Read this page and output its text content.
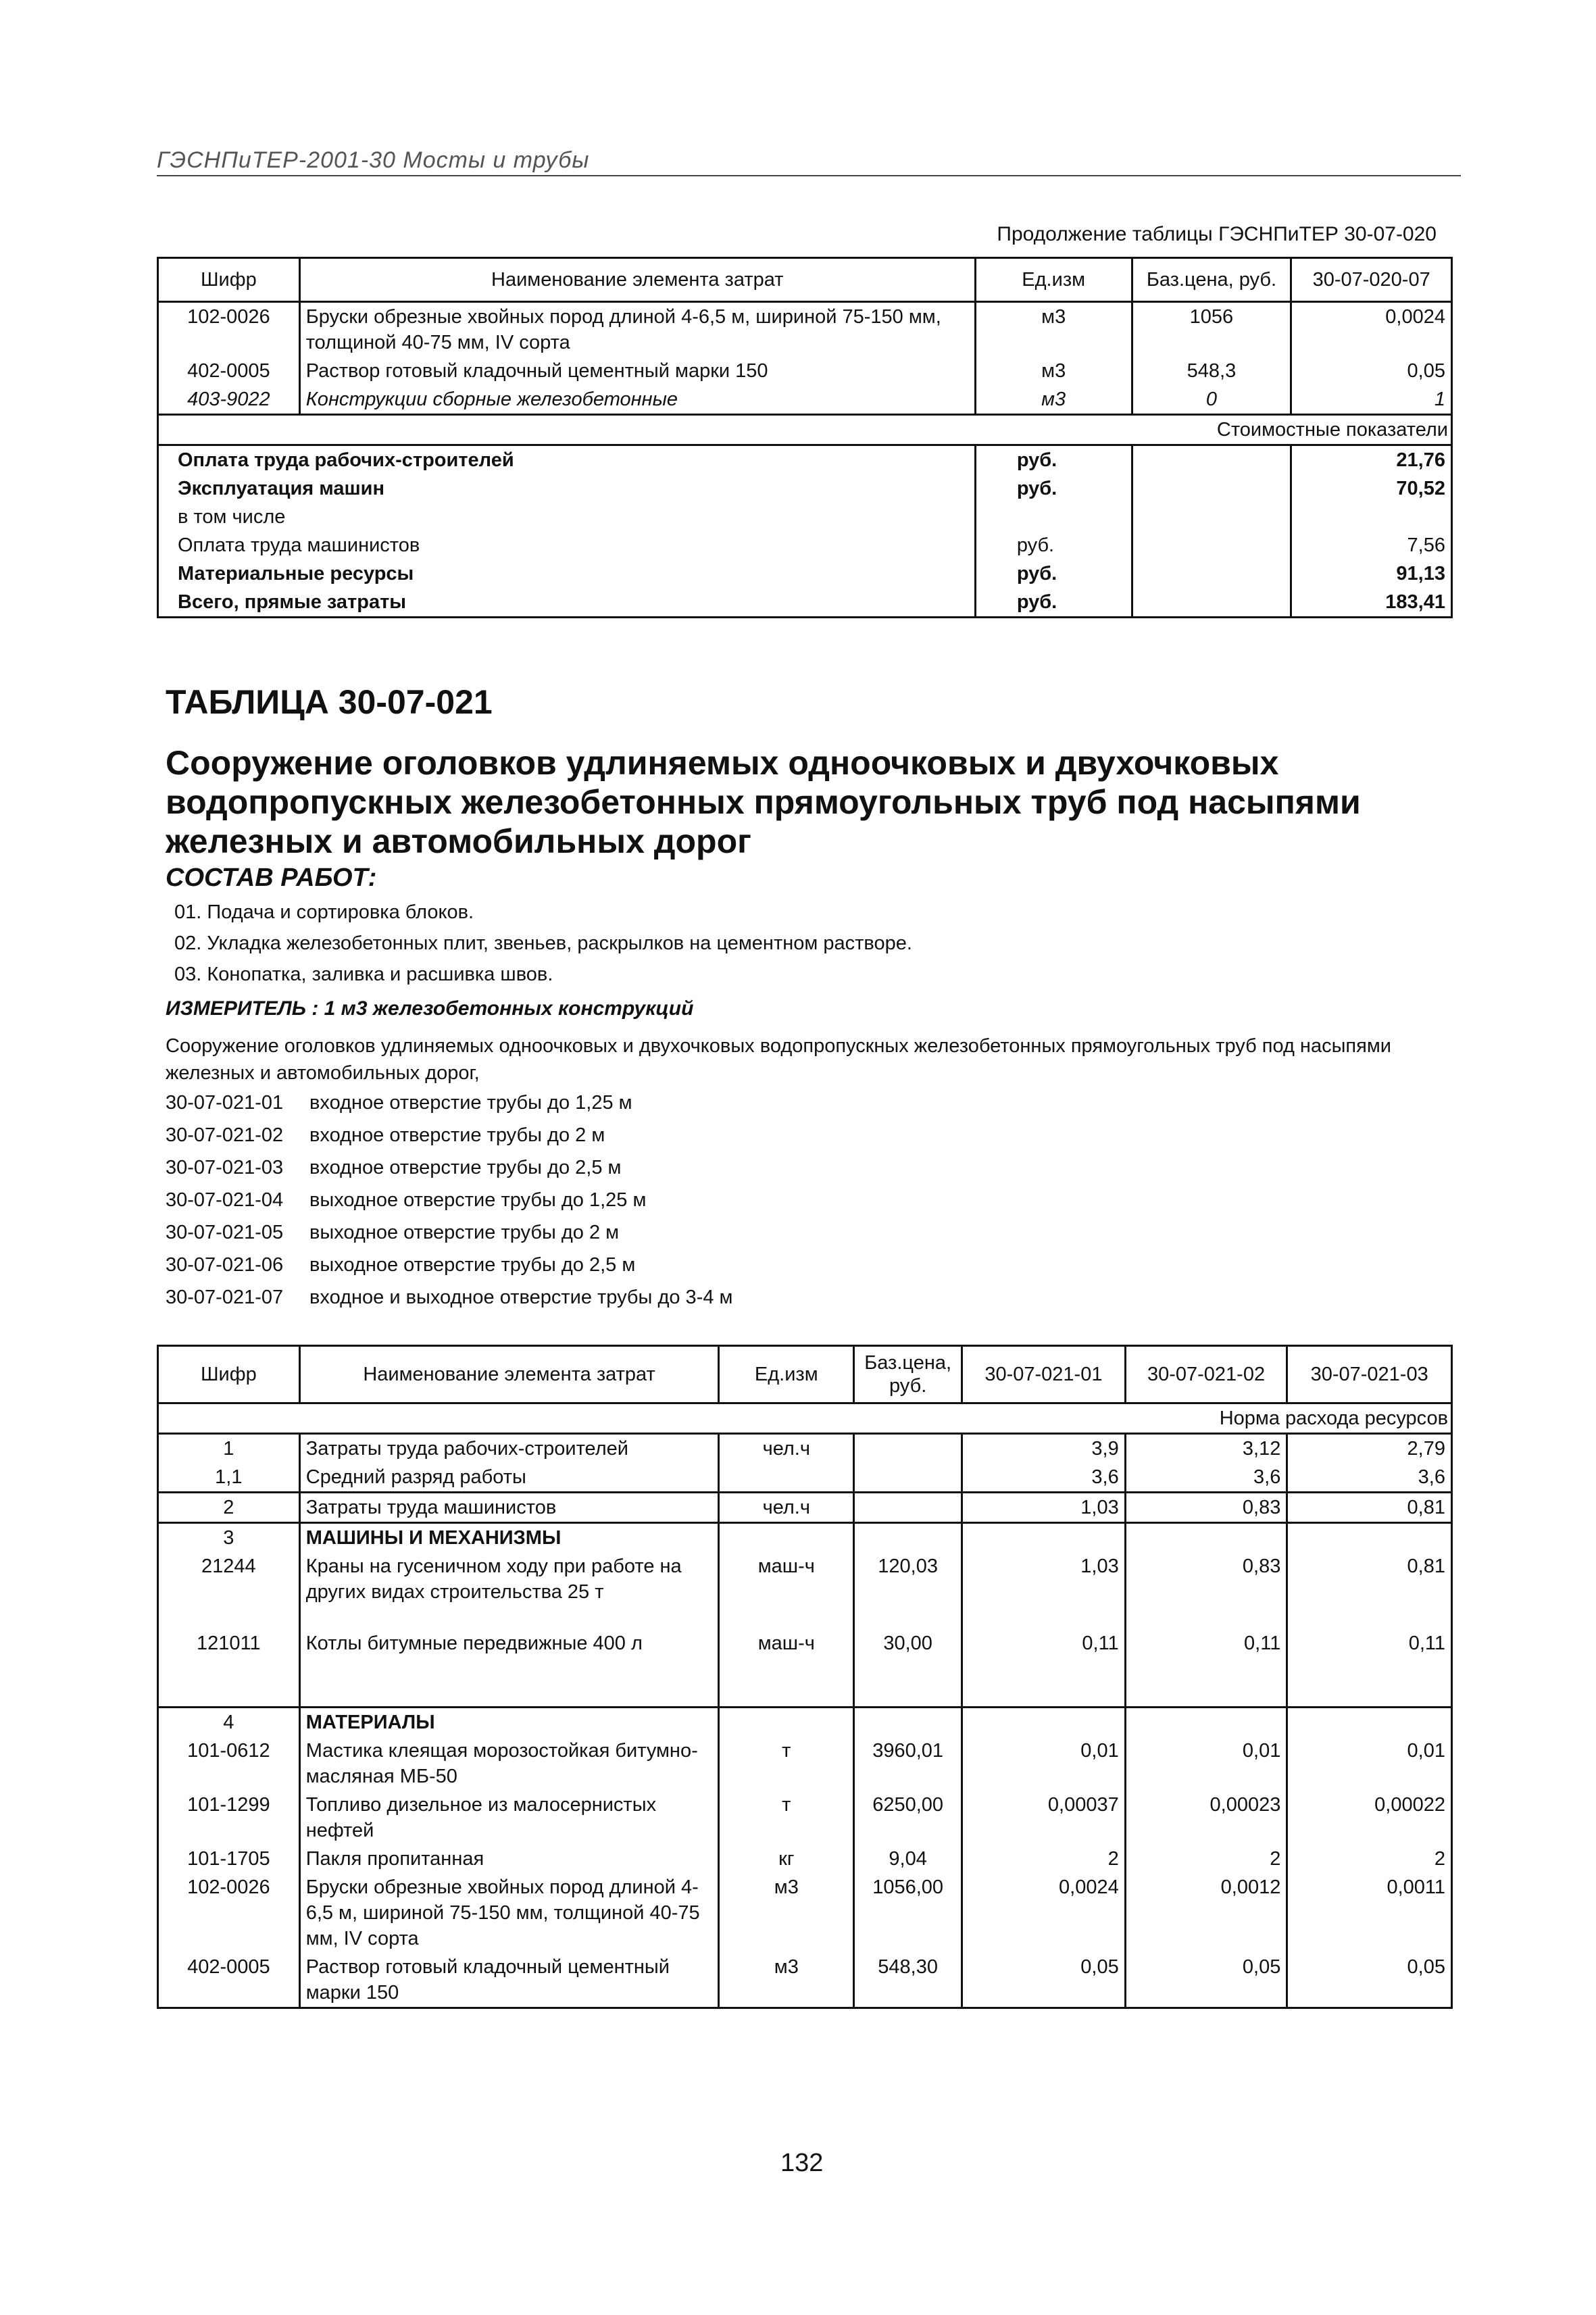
ГЭСНПиТЕР-2001-30 Мосты и трубы
Продолжение таблицы ГЭСНПиТЕР 30-07-020
Шифр	Наименование элемента затрат	Ед.изм	Баз.цена, руб.	30-07-020-07
102-0026	Бруски обрезные хвойных пород длиной 4-6,5 м, шириной 75-150 мм, толщиной 40-75 мм, IV сорта	м3	1056	0,0024
402-0005	Раствор готовый кладочный цементный марки 150	м3	548,3	0,05
403-9022	Конструкции сборные железобетонные	м3	0	1
Стоимостные показатели				
Оплата труда рабочих-строителей		руб.		21,76
Эксплуатация машин		руб.		70,52
в том числе				
Оплата труда машинистов		руб.		7,56
Материальные ресурсы		руб.		91,13
Всего, прямые затраты		руб.		183,41
ТАБЛИЦА 30-07-021
Сооружение оголовков удлиняемых одноочковых и двухочковых водопропускных железобетонных прямоугольных труб под насыпями железных и автомобильных дорог
СОСТАВ РАБОТ:
01. Подача и сортировка блоков.
02. Укладка железобетонных плит, звеньев, раскрылков на цементном растворе.
03. Конопатка, заливка и расшивка швов.
ИЗМЕРИТЕЛЬ : 1 м3 железобетонных конструкций
Сооружение оголовков удлиняемых одноочковых и двухочковых водопропускных железобетонных прямоугольных труб под насыпями железных и автомобильных дорог,
30-07-021-01 входное отверстие трубы до 1,25 м
30-07-021-02 входное отверстие трубы до 2 м
30-07-021-03 входное отверстие трубы до 2,5 м
30-07-021-04 выходное отверстие трубы до 1,25 м
30-07-021-05 выходное отверстие трубы до 2 м
30-07-021-06 выходное отверстие трубы до 2,5 м
30-07-021-07 входное и выходное отверстие трубы до 3-4 м
Шифр	Наименование элемента затрат	Ед.изм	Баз.цена, руб.	30-07-021-01	30-07-021-02	30-07-021-03
Норма расхода ресурсов						
1	Затраты труда рабочих-строителей	чел.ч		3,9	3,12	2,79
1,1	Средний разряд работы			3,6	3,6	3,6
2	Затраты труда машинистов	чел.ч		1,03	0,83	0,81
3	МАШИНЫ И МЕХАНИЗМЫ					
21244	Краны на гусеничном ходу при работе на других видах строительства 25 т	маш-ч	120,03	1,03	0,83	0,81
121011	Котлы битумные передвижные 400 л	маш-ч	30,00	0,11	0,11	0,11
4	МАТЕРИАЛЫ					
101-0612	Мастика клеящая морозостойкая битумно-масляная МБ-50	т	3960,01	0,01	0,01	0,01
101-1299	Топливо дизельное из малосернистых нефтей	т	6250,00	0,00037	0,00023	0,00022
101-1705	Пакля пропитанная	кг	9,04	2	2	2
102-0026	Бруски обрезные хвойных пород длиной 4-6,5 м, шириной 75-150 мм, толщиной 40-75 мм, IV сорта	м3	1056,00	0,0024	0,0012	0,0011
402-0005	Раствор готовый кладочный цементный марки 150	м3	548,30	0,05	0,05	0,05
132
